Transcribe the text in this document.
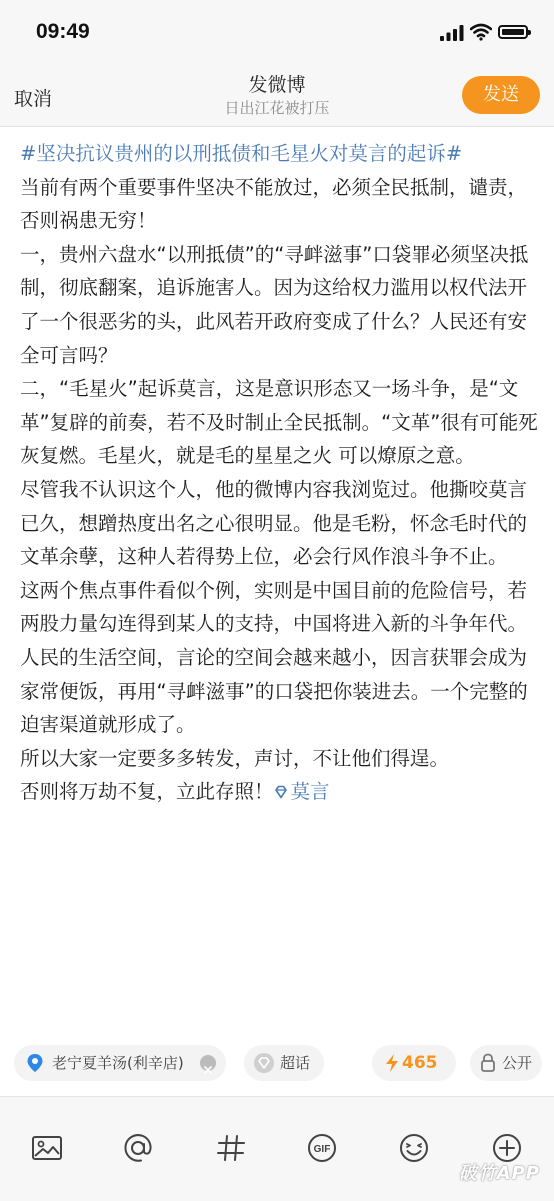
09:49
取消
发微博
日出江花被打压
发送

#坚决抗议贵州的以刑抵债和毛星火对莫言的起诉#

当前有两个重要事件坚决不能放过，必须全民抵制，谴责，否则祸患无穷！

一，贵州六盘水“以刑抵债”的“寻衅滋事”口袋罪必须坚决抵制，彻底翻案，追诉施害人。因为这给权力滥用以权代法开了一个很恶劣的头，此风若开政府变成了什么？人民还有安全可言吗？

二，“毛星火”起诉莫言，这是意识形态又一场斗争，是“文革”复辟的前奏，若不及时制止全民抵制。“文革”很有可能死灰复燃。毛星火，就是毛的星星之火 可以燎原之意。

尽管我不认识这个人，他的微博内容我浏览过。他撕咬莫言已久，想蹭热度出名之心很明显。他是毛粉，怀念毛时代的文革余孽，这种人若得势上位，必会行风作浪斗争不止。

这两个焦点事件看似个例，实则是中国目前的危险信号，若两股力量勾连得到某人的支持，中国将进入新的斗争年代。人民的生活空间，言论的空间会越来越小，因言获罪会成为家常便饭，再用“寻衅滋事”的口袋把你装进去。一个完整的迫害渠道就形成了。

所以大家一定要多多转发，声讨，不让他们得逞。

否则将万劫不复，立此存照！ 莫言

老宁夏羊汤(利辛店)	超话	465	公开
GIF
破竹APP
